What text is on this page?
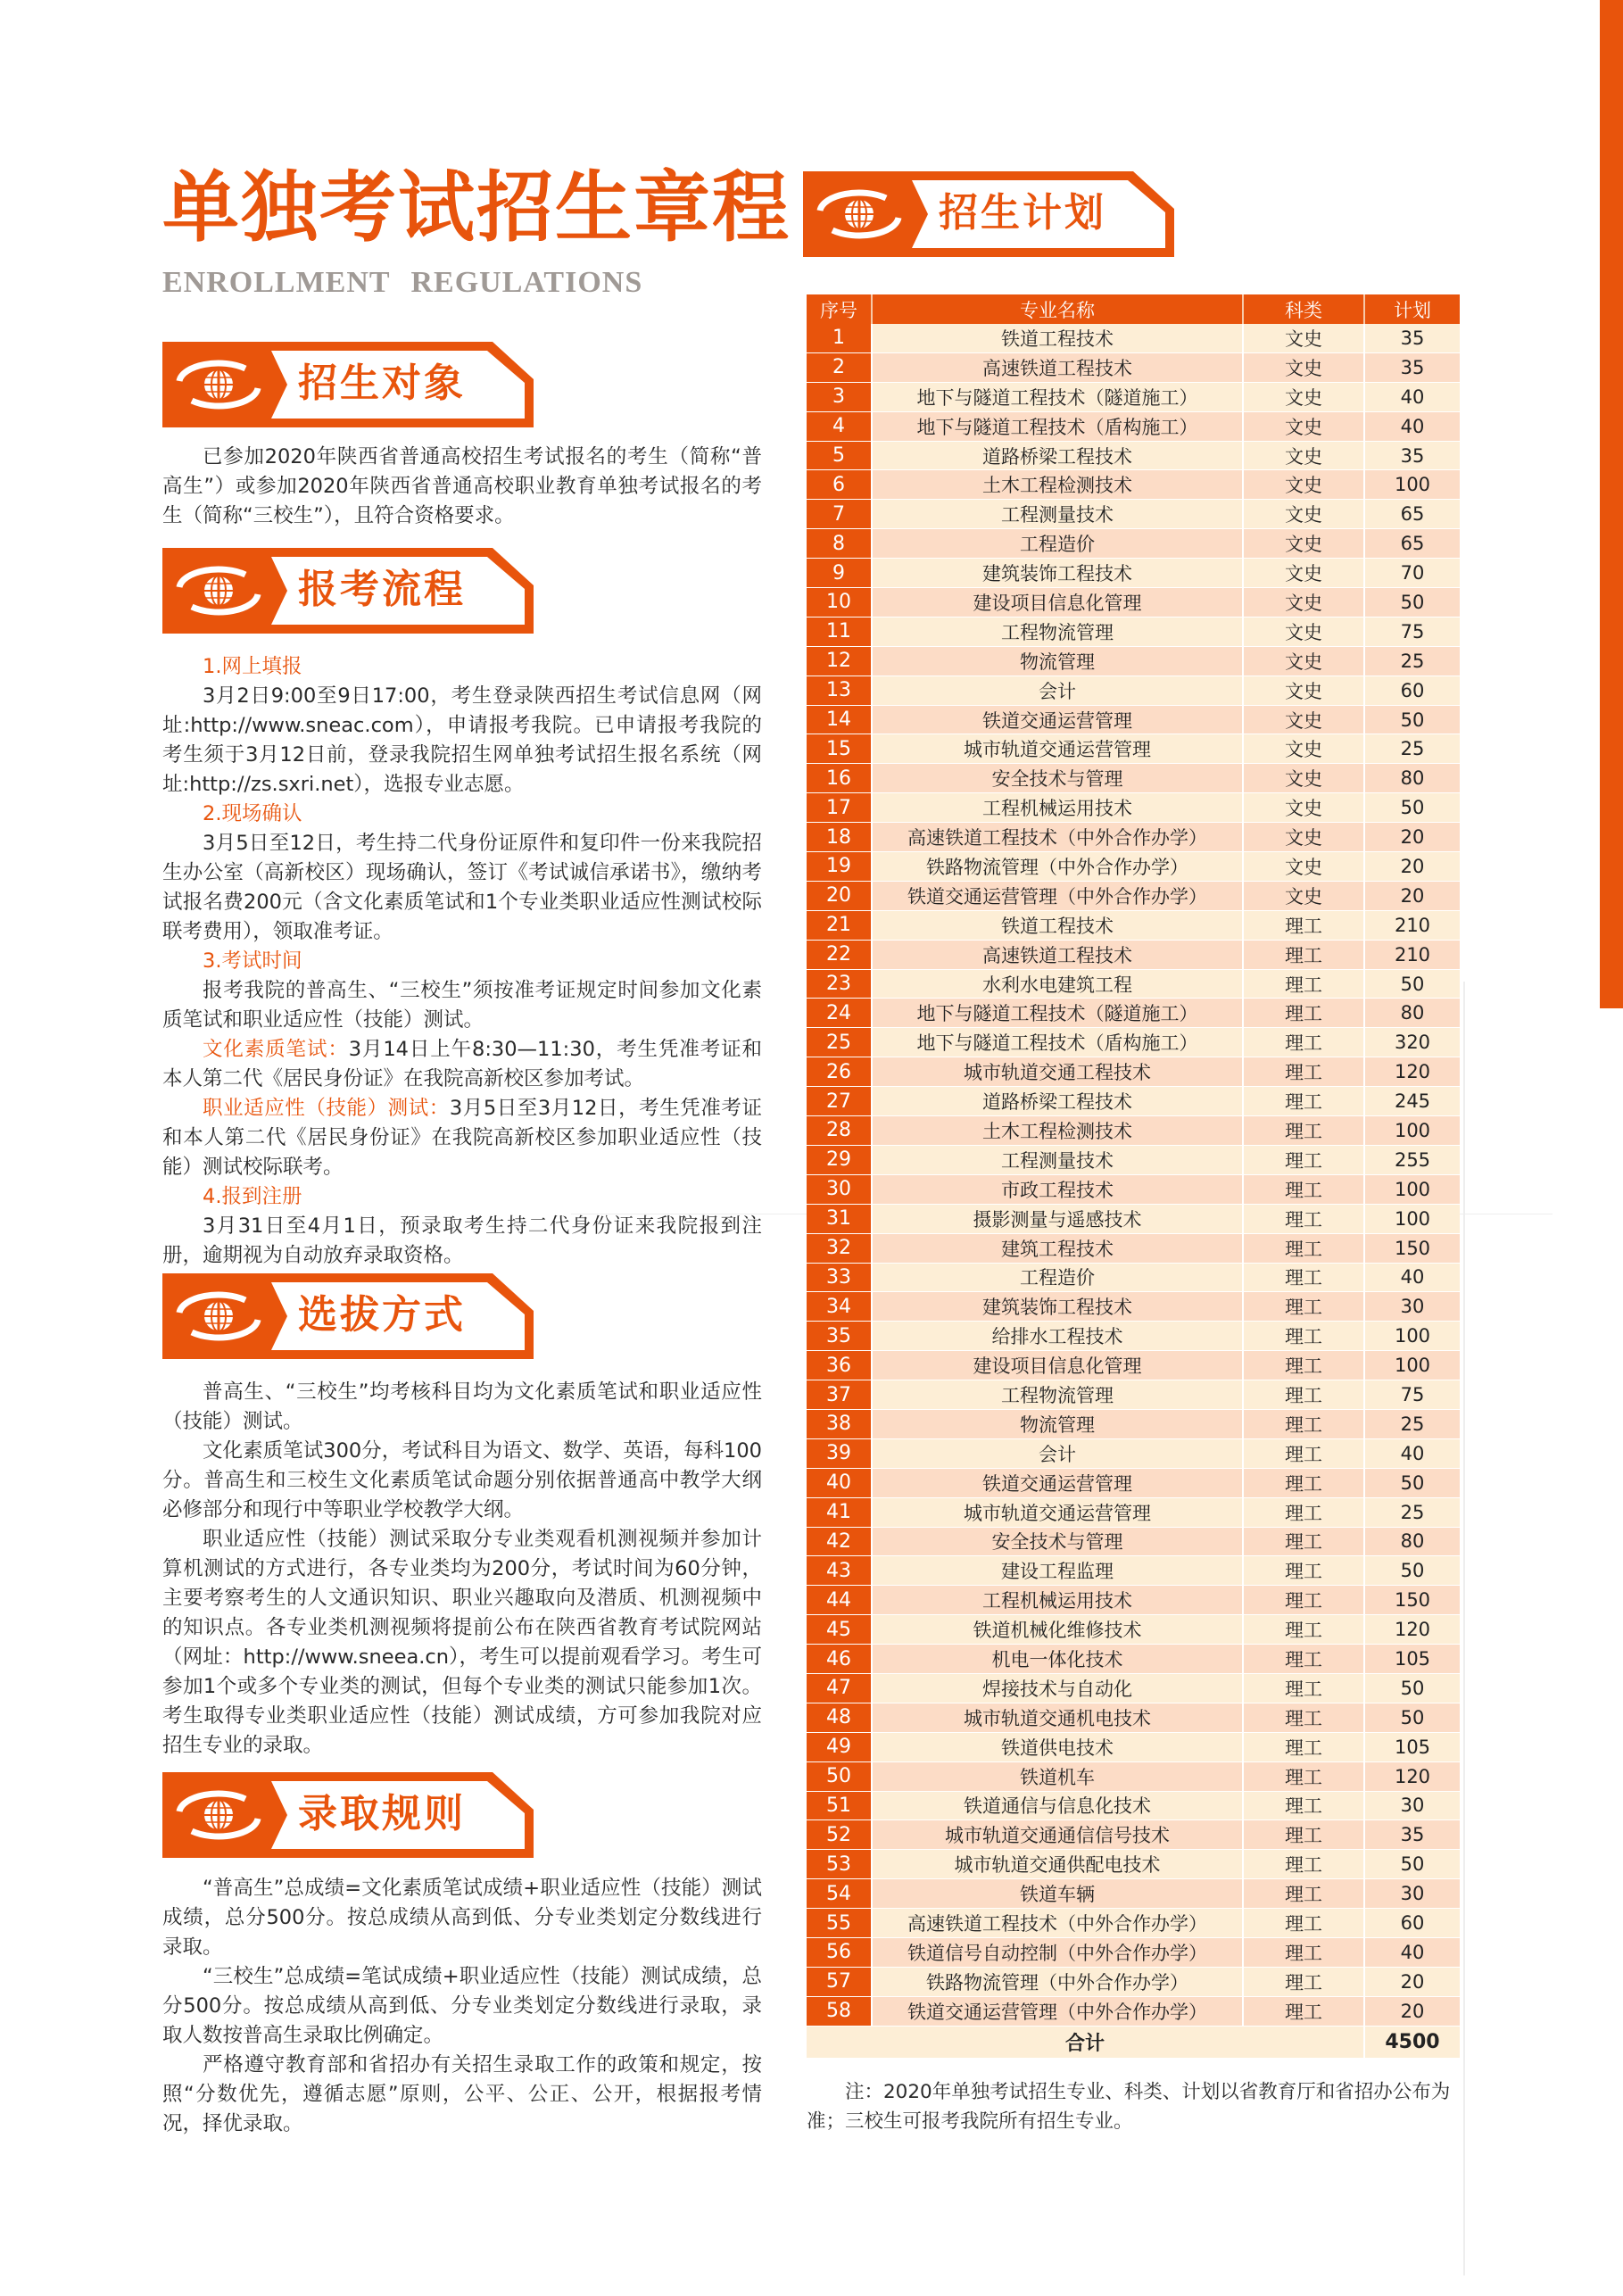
单独考试招生章程
ENROLLMENT REGULATIONS
招生对象

已参加2020年陕西省普通高校招生考试报名的考生（简称“普高生”）或参加2020年陕西省普通高校职业教育单独考试报名的考生（简称“三校生”），且符合资格要求。

报考流程
1.网上填报

3月2日9:00至9日17:00，考生登录陕西招生考试信息网（网址:http://www.sneac.com），申请报考我院。已申请报考我院的考生须于3月12日前，登录我院招生网单独考试招生报名系统（网址:http://zs.sxri.net），选报专业志愿。

2.现场确认

3月5日至12日，考生持二代身份证原件和复印件一份来我院招生办公室（高新校区）现场确认，签订《考试诚信承诺书》，缴纳考试报名费200元（含文化素质笔试和1个专业类职业适应性测试校际联考费用），领取准考证。

3.考试时间

报考我院的普高生、“三校生”须按准考证规定时间参加文化素质笔试和职业适应性（技能）测试。

文化素质笔试：3月14日上午8:30—11:30，考生凭准考证和本人第二代《居民身份证》在我院高新校区参加考试。

职业适应性（技能）测试：3月5日至3月12日，考生凭准考证和本人第二代《居民身份证》在我院高新校区参加职业适应性（技能）测试校际联考。

4.报到注册

3月31日至4月1日，预录取考生持二代身份证来我院报到注册，逾期视为自动放弃录取资格。

选拔方式

普高生、“三校生”均考核科目均为文化素质笔试和职业适应性（技能）测试。

文化素质笔试300分，考试科目为语文、数学、英语，每科100分。普高生和三校生文化素质笔试命题分别依据普通高中教学大纲必修部分和现行中等职业学校教学大纲。

职业适应性（技能）测试采取分专业类观看机测视频并参加计算机测试的方式进行，各专业类均为200分，考试时间为60分钟，主要考察考生的人文通识知识、职业兴趣取向及潜质、机测视频中的知识点。各专业类机测视频将提前公布在陕西省教育考试院网站（网址：http://www.sneea.cn），考生可以提前观看学习。考生可参加1个或多个专业类的测试，但每个专业类的测试只能参加1次。考生取得专业类职业适应性（技能）测试成绩，方可参加我院对应招生专业的录取。

录取规则

“普高生”总成绩=文化素质笔试成绩+职业适应性（技能）测试成绩，总分500分。按总成绩从高到低、分专业类划定分数线进行录取。

“三校生”总成绩=笔试成绩+职业适应性（技能）测试成绩，总分500分。按总成绩从高到低、分专业类划定分数线进行录取，录取人数按普高生录取比例确定。

严格遵守教育部和省招办有关招生录取工作的政策和规定，按照“分数优先，遵循志愿”原则，公平、公正、公开，根据报考情况，择优录取。

招生计划
序号	专业名称	科类	计划
1	铁道工程技术	文史	35
2	高速铁道工程技术	文史	35
3	地下与隧道工程技术（隧道施工）	文史	40
4	地下与隧道工程技术（盾构施工）	文史	40
5	道路桥梁工程技术	文史	35
6	土木工程检测技术	文史	100
7	工程测量技术	文史	65
8	工程造价	文史	65
9	建筑装饰工程技术	文史	70
10	建设项目信息化管理	文史	50
11	工程物流管理	文史	75
12	物流管理	文史	25
13	会计	文史	60
14	铁道交通运营管理	文史	50
15	城市轨道交通运营管理	文史	25
16	安全技术与管理	文史	80
17	工程机械运用技术	文史	50
18	高速铁道工程技术（中外合作办学）	文史	20
19	铁路物流管理（中外合作办学）	文史	20
20	铁道交通运营管理（中外合作办学）	文史	20
21	铁道工程技术	理工	210
22	高速铁道工程技术	理工	210
23	水利水电建筑工程	理工	50
24	地下与隧道工程技术（隧道施工）	理工	80
25	地下与隧道工程技术（盾构施工）	理工	320
26	城市轨道交通工程技术	理工	120
27	道路桥梁工程技术	理工	245
28	土木工程检测技术	理工	100
29	工程测量技术	理工	255
30	市政工程技术	理工	100
31	摄影测量与遥感技术	理工	100
32	建筑工程技术	理工	150
33	工程造价	理工	40
34	建筑装饰工程技术	理工	30
35	给排水工程技术	理工	100
36	建设项目信息化管理	理工	100
37	工程物流管理	理工	75
38	物流管理	理工	25
39	会计	理工	40
40	铁道交通运营管理	理工	50
41	城市轨道交通运营管理	理工	25
42	安全技术与管理	理工	80
43	建设工程监理	理工	50
44	工程机械运用技术	理工	150
45	铁道机械化维修技术	理工	120
46	机电一体化技术	理工	105
47	焊接技术与自动化	理工	50
48	城市轨道交通机电技术	理工	50
49	铁道供电技术	理工	105
50	铁道机车	理工	120
51	铁道通信与信息化技术	理工	30
52	城市轨道交通通信信号技术	理工	35
53	城市轨道交通供配电技术	理工	50
54	铁道车辆	理工	30
55	高速铁道工程技术（中外合作办学）	理工	60
56	铁道信号自动控制（中外合作办学）	理工	40
57	铁路物流管理（中外合作办学）	理工	20
58	铁道交通运营管理（中外合作办学）	理工	20
合计			4500

注：2020年单独考试招生专业、科类、计划以省教育厅和省招办公布为准；三校生可报考我院所有招生专业。
